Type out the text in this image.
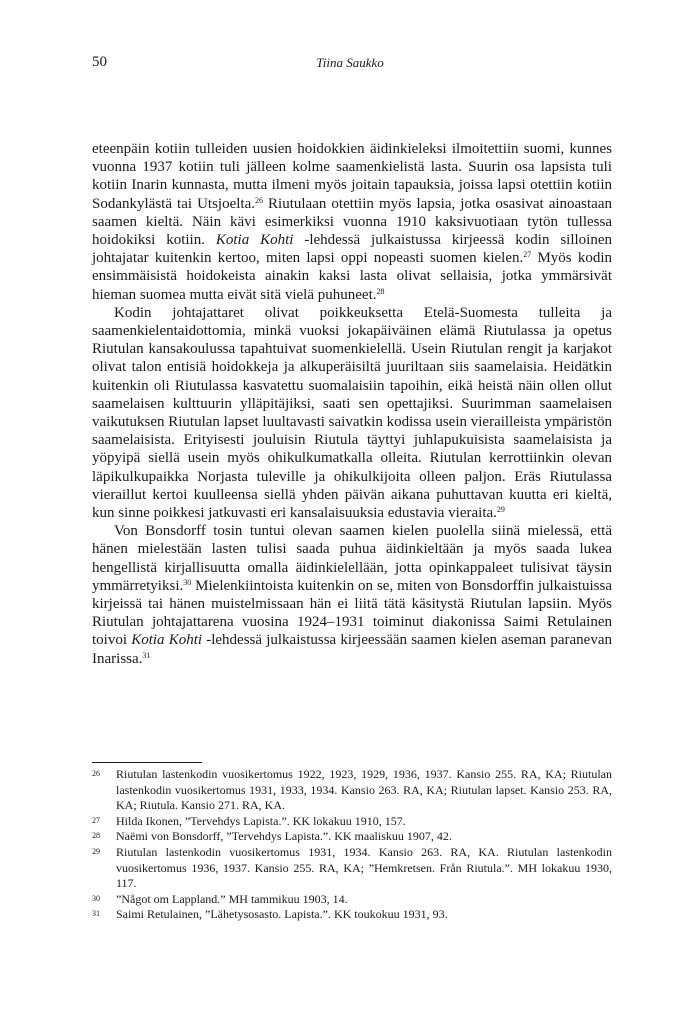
50	Tiina Saukko

eteenpäin kotiin tulleiden uusien hoidokkien äidinkieleksi ilmoitettiin suomi, kunnes vuonna 1937 kotiin tuli jälleen kolme saamenkielistä lasta. Suurin osa lapsista tuli kotiin Inarin kunnasta, mutta ilmeni myös joitain tapauksia, joissa lapsi otettiin kotiin Sodankylästä tai Utsjoelta.$^{26}$ Riutulaan otettiin myös lapsia, jotka osasivat ainoastaan saamen kieltä. Näin kävi esimerkiksi vuonna 1910 kaksivuotiaan tytön tullessa hoidokiksi kotiin. Kotia Kohti -lehdessä julkaistussa kirjeessä kodin silloinen johtajatar kuitenkin kertoo, miten lapsi oppi nopeasti suomen kielen.$^{27}$ Myös kodin ensimmäisistä hoidokeista ainakin kaksi lasta olivat sellaisia, jotka ymmärsivät hieman suomea mutta eivät sitä vielä puhuneet.$^{28}$

Kodin johtajattaret olivat poikkeuksetta Etelä-Suomesta tulleita ja saamenkielentaidottomia, minkä vuoksi jokapäiväinen elämä Riutulassa ja opetus Riutulan kansakoulussa tapahtuivat suomenkielellä. Usein Riutulan rengit ja karjakot olivat talon entisiä hoidokkeja ja alkuperäisiltä juuriltaan siis saamelaisia. Heidätkin kuitenkin oli Riutulassa kasvatettu suomalaisiin tapoihin, eikä heistä näin ollen ollut saamelaisen kulttuurin ylläpitäjiksi, saati sen opettajiksi. Suurimman saamelaisen vaikutuksen Riutulan lapset luultavasti saivatkin kodissa usein vierailleista ympäristön saamelaisista. Erityisesti jouluisin Riutula täyttyi juhlapukuisista saamelaisista ja yöpyipä siellä usein myös ohikulkumatkalla olleita. Riutulan kerrottiinkin olevan läpikulkupaikka Norjasta tuleville ja ohikulkijoita olleen paljon. Eräs Riutulassa vieraillut kertoi kuulleensa siellä yhden päivän aikana puhuttavan kuutta eri kieltä, kun sinne poikkesi jatkuvasti eri kansalaisuuksia edustavia vieraita.$^{29}$

Von Bonsdorff tosin tuntui olevan saamen kielen puolella siinä mielessä, että hänen mielestään lasten tulisi saada puhua äidinkieltään ja myös saada lukea hengellistä kirjallisuutta omalla äidinkielellään, jotta opinkappaleet tulisivat täysin ymmärretyiksi.$^{30}$ Mielenkiintoista kuitenkin on se, miten von Bonsdorffin julkaistuissa kirjeissä tai hänen muistelmissaan hän ei liitä tätä käsitystä Riutulan lapsiin. Myös Riutulan johtajattarena vuosina 1924–1931 toiminut diakonissa Saimi Retulainen toivoi Kotia Kohti -lehdessä julkaistussa kirjeessään saamen kielen aseman paranevan Inarissa.$^{31}$

26	Riutulan lastenkodin vuosikertomus 1922, 1923, 1929, 1936, 1937. Kansio 255. RA, KA; Riutulan lastenkodin vuosikertomus 1931, 1933, 1934. Kansio 263. RA, KA; Riutulan lapset. Kansio 253. RA, KA; Riutula. Kansio 271. RA, KA.
27	Hilda Ikonen, ”Tervehdys Lapista.”. KK lokakuu 1910, 157.
28	Naëmi von Bonsdorff, ”Tervehdys Lapista.”. KK maaliskuu 1907, 42.
29	Riutulan lastenkodin vuosikertomus 1931, 1934. Kansio 263. RA, KA. Riutulan lastenkodin vuosikertomus 1936, 1937. Kansio 255. RA, KA; ”Hemkretsen. Från Riutula.”. MH lokakuu 1930, 117.
30	”Något om Lappland.” MH tammikuu 1903, 14.
31	Saimi Retulainen, ”Lähetysosasto. Lapista.”. KK toukokuu 1931, 93.
